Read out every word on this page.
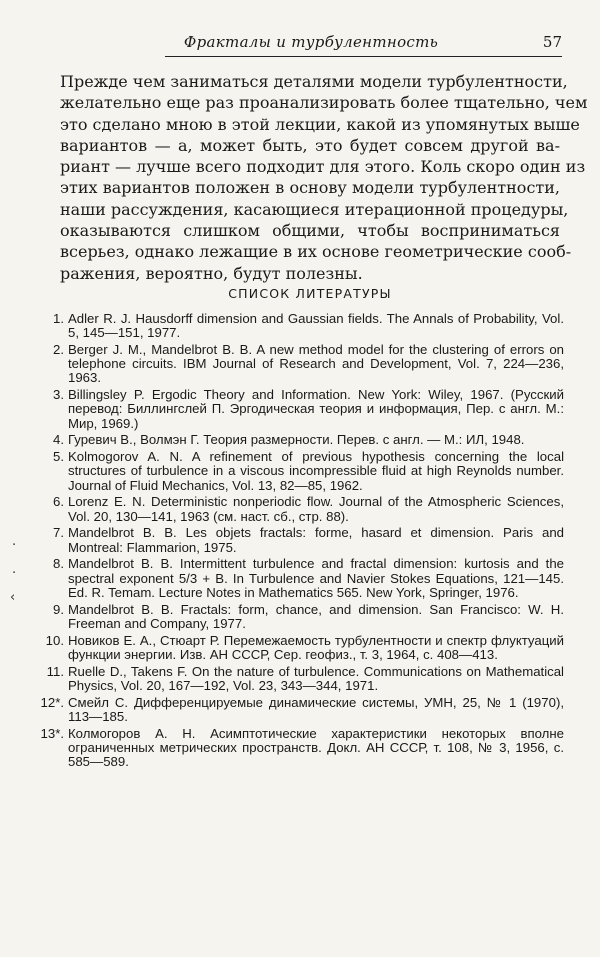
Фракталы и турбулентность	57
Прежде чем заниматься деталями модели турбулентности,
желательно еще раз проанализировать более тщательно, чем
это сделано мною в этой лекции, какой из упомянутых выше
вариантов — а, может быть, это будет совсем другой ва-
риант — лучше всего подходит для этого. Коль скоро один из
этих вариантов положен в основу модели турбулентности,
наши рассуждения, касающиеся итерационной процедуры,
оказываются слишком общими, чтобы восприниматься
всерьез, однако лежащие в их основе геометрические сооб-
ражения, вероятно, будут полезны.
СПИСОК ЛИТЕРАТУРЫ
1. Adler R. J. Hausdorff dimension and Gaussian fields. The Annals of Probability, Vol. 5, 145—151, 1977.
2. Berger J. M., Mandelbrot B. B. A new method model for the clustering of errors on telephone circuits. IBM Journal of Research and Development, Vol. 7, 224—236, 1963.
3. Billingsley P. Ergodic Theory and Information. New York: Wiley, 1967. (Русский перевод: Биллингслей П. Эргодическая теория и информация, Пер. с англ. М.: Мир, 1969.)
4. Гуревич В., Волмэн Г. Теория размерности. Перев. с англ. — М.: ИЛ, 1948.
5. Kolmogorov A. N. A refinement of previous hypothesis concerning the local structures of turbulence in a viscous incompressible fluid at high Reynolds number. Journal of Fluid Mechanics, Vol. 13, 82—85, 1962.
6. Lorenz E. N. Deterministic nonperiodic flow. Journal of the Atmospheric Sciences, Vol. 20, 130—141, 1963 (см. наст. сб., стр. 88).
7. Mandelbrot B. B. Les objets fractals: forme, hasard et dimension. Paris and Montreal: Flammarion, 1975.
8. Mandelbrot B. B. Intermittent turbulence and fractal dimension: kurtosis and the spectral exponent 5/3 + B. In Turbulence and Navier Stokes Equations, 121—145. Ed. R. Temam. Lecture Notes in Mathematics 565. New York, Springer, 1976.
9. Mandelbrot B. B. Fractals: form, chance, and dimension. San Francisco: W. H. Freeman and Company, 1977.
10. Новиков Е. А., Стюарт Р. Перемежаемость турбулентности и спектр флуктуаций функции энергии. Изв. АН СССР, Сер. геофиз., т. 3, 1964, с. 408—413.
11. Ruelle D., Takens F. On the nature of turbulence. Communications on Mathematical Physics, Vol. 20, 167—192, Vol. 23, 343—344, 1971.
12*. Смейл С. Дифференцируемые динамические системы, УМН, 25, № 1 (1970), 113—185.
13*. Колмогоров А. Н. Асимптотические характеристики некоторых вполне ограниченных метрических пространств. Докл. АН СССР, т. 108, № 3, 1956, с. 585—589.
·
·
‹
